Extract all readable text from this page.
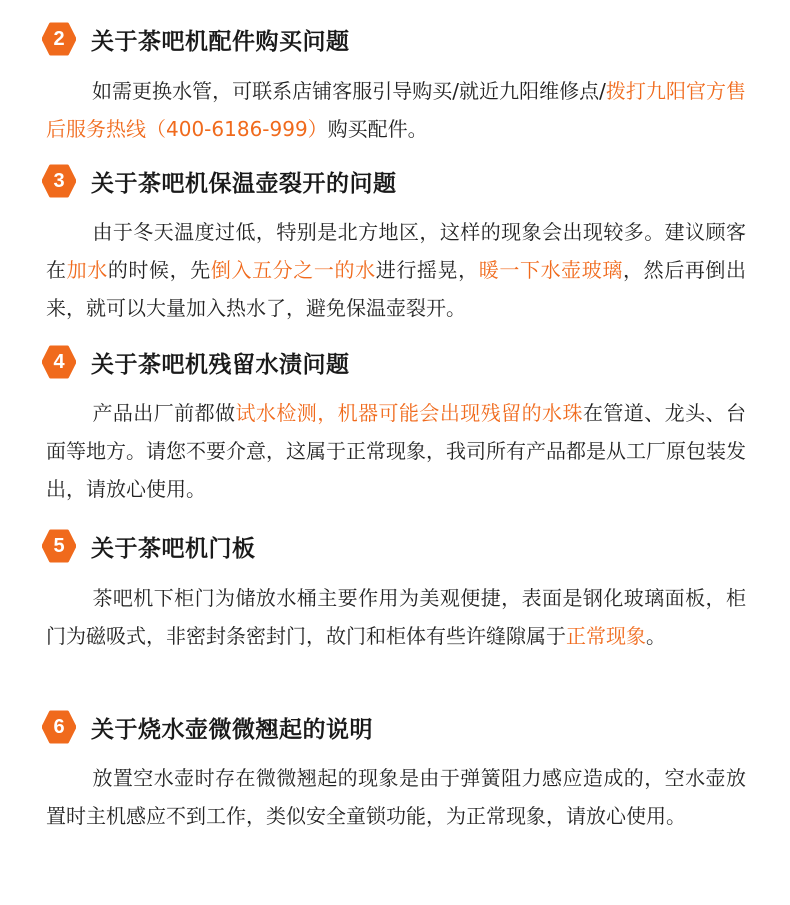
2	关于茶吧机配件购买问题
如需更换水管，可联系店铺客服引导购买/就近九阳维修点/拨打九阳官方售后服务热线（400-6186-999）购买配件。
3	关于茶吧机保温壶裂开的问题
由于冬天温度过低，特别是北方地区，这样的现象会出现较多。建议顾客在加水的时候，先倒入五分之一的水进行摇晃，暖一下水壶玻璃，然后再倒出来，就可以大量加入热水了，避免保温壶裂开。
4	关于茶吧机残留水渍问题
产品出厂前都做试水检测，机器可能会出现残留的水珠在管道、龙头、台面等地方。请您不要介意，这属于正常现象，我司所有产品都是从工厂原包装发出，请放心使用。
5	关于茶吧机门板
茶吧机下柜门为储放水桶主要作用为美观便捷，表面是钢化玻璃面板，柜门为磁吸式，非密封条密封门，故门和柜体有些许缝隙属于正常现象。
6	关于烧水壶微微翘起的说明
放置空水壶时存在微微翘起的现象是由于弹簧阻力感应造成的，空水壶放置时主机感应不到工作，类似安全童锁功能，为正常现象，请放心使用。
